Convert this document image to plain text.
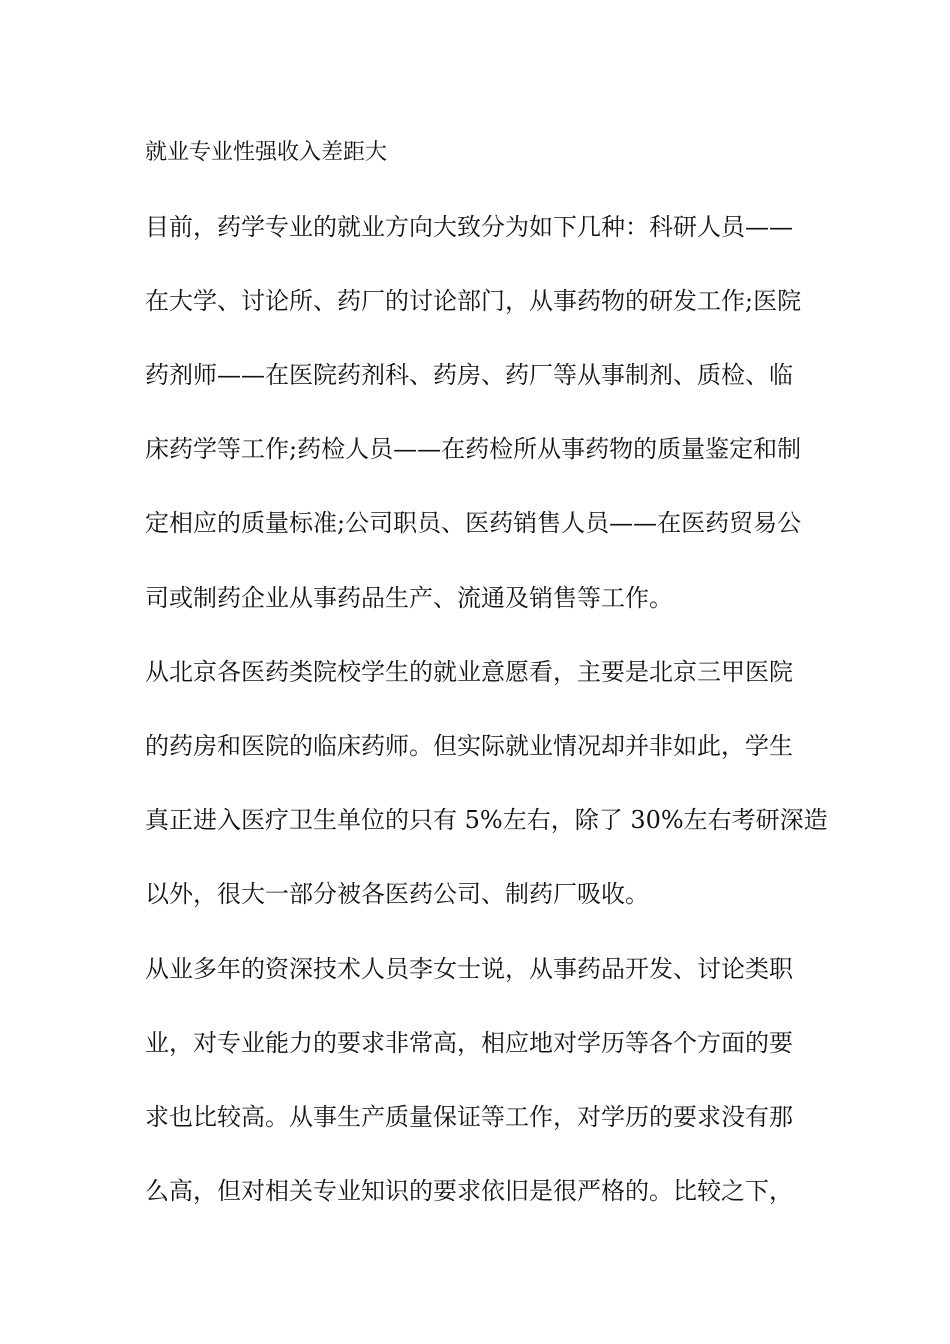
就业专业性强收入差距大
目前，药学专业的就业方向大致分为如下几种：科研人员——
在大学、讨论所、药厂的讨论部门，从事药物的研发工作;医院
药剂师——在医院药剂科、药房、药厂等从事制剂、质检、临
床药学等工作;药检人员——在药检所从事药物的质量鉴定和制
定相应的质量标准;公司职员、医药销售人员——在医药贸易公
司或制药企业从事药品生产、流通及销售等工作。
从北京各医药类院校学生的就业意愿看，主要是北京三甲医院
的药房和医院的临床药师。但实际就业情况却并非如此，学生
真正进入医疗卫生单位的只有 5%左右，除了 30%左右考研深造
以外，很大一部分被各医药公司、制药厂吸收。
从业多年的资深技术人员李女士说，从事药品开发、讨论类职
业，对专业能力的要求非常高，相应地对学历等各个方面的要
求也比较高。从事生产质量保证等工作，对学历的要求没有那
么高，但对相关专业知识的要求依旧是很严格的。比较之下，
